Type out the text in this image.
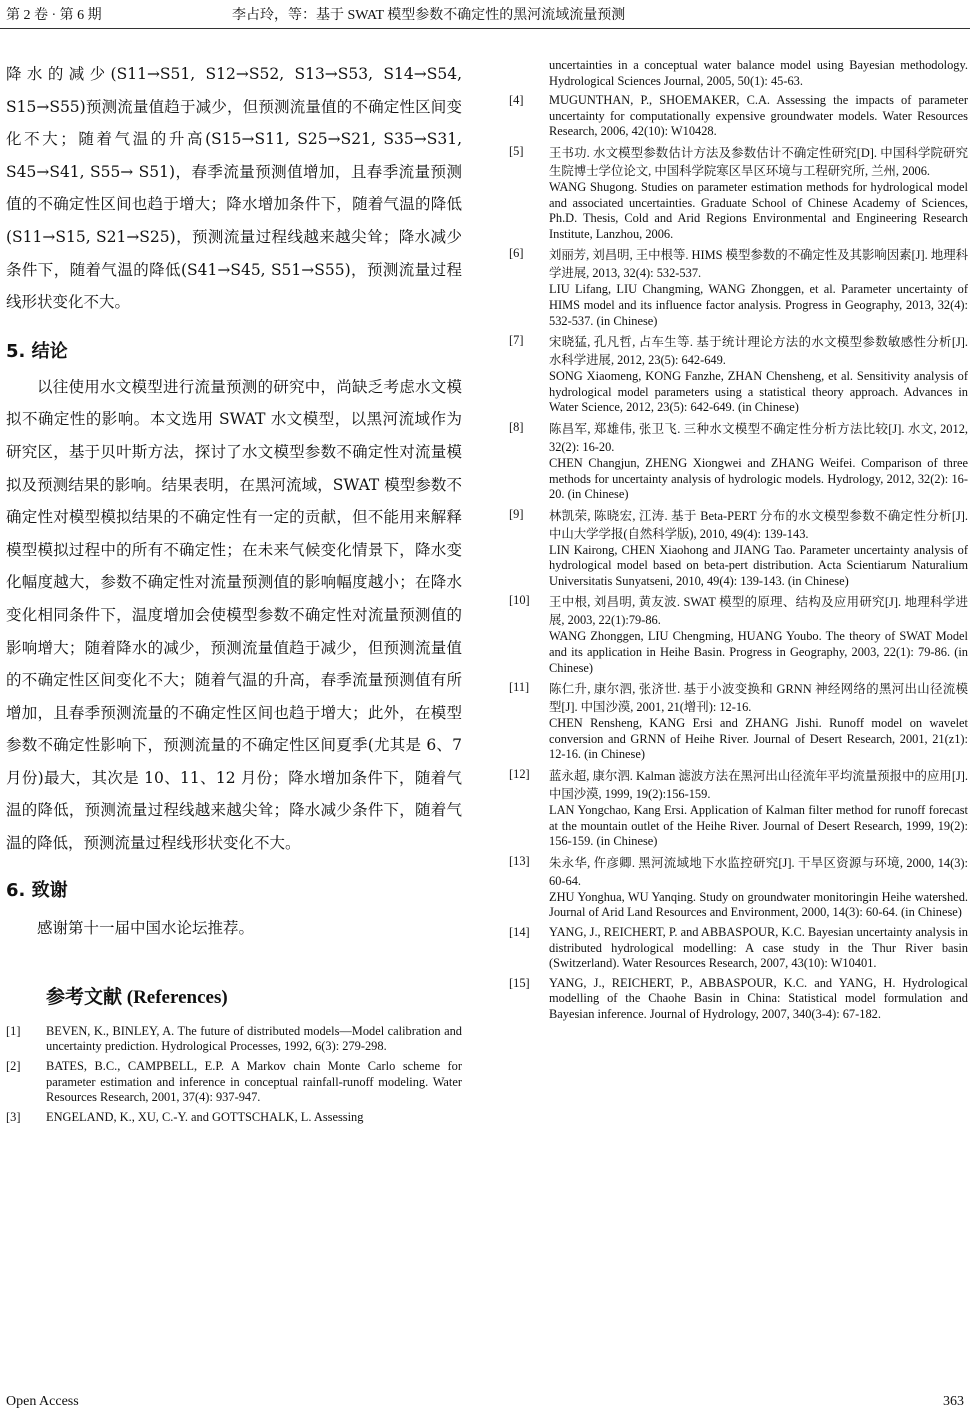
第 2 卷 · 第 6 期	李占玲，等：基于 SWAT 模型参数不确定性的黑河流域流量预测

降水的减少(S11→S51, S12→S52, S13→S53, S14→S54, S15→S55)预测流量值趋于减少，但预测流量值的不确定性区间变化不大；随着气温的升高(S15→S11, S25→S21, S35→S31, S45→S41, S55→ S51)，春季流量预测值增加，且春季流量预测值的不确定性区间也趋于增大；降水增加条件下，随着气温的降低(S11→S15, S21→S25)，预测流量过程线越来越尖耸；降水减少条件下，随着气温的降低(S41→S45, S51→S55)，预测流量过程线形状变化不大。

5. 结论

以往使用水文模型进行流量预测的研究中，尚缺乏考虑水文模拟不确定性的影响。本文选用 SWAT 水文模型，以黑河流域作为研究区，基于贝叶斯方法，探讨了水文模型参数不确定性对流量模拟及预测结果的影响。结果表明，在黑河流域，SWAT 模型参数不确定性对模型模拟结果的不确定性有一定的贡献，但不能用来解释模型模拟过程中的所有不确定性；在未来气候变化情景下，降水变化幅度越大，参数不确定性对流量预测值的影响幅度越小；在降水变化相同条件下，温度增加会使模型参数不确定性对流量预测值的影响增大；随着降水的减少，预测流量值趋于减少，但预测流量值的不确定性区间变化不大；随着气温的升高，春季流量预测值有所增加，且春季预测流量的不确定性区间也趋于增大；此外，在模型参数不确定性影响下，预测流量的不确定性区间夏季(尤其是 6、7 月份)最大，其次是 10、11、12 月份；降水增加条件下，随着气温的降低，预测流量过程线越来越尖耸；降水减少条件下，随着气温的降低，预测流量过程线形状变化不大。

6. 致谢

感谢第十一届中国水论坛推荐。

参考文献 (References)
[1] BEVEN, K., BINLEY, A. The future of distributed models—Model calibration and uncertainty prediction. Hydrological Processes, 1992, 6(3): 279-298.

[2] BATES, B.C., CAMPBELL, E.P. A Markov chain Monte Carlo scheme for parameter estimation and inference in conceptual rainfall-runoff modeling. Water Resources Research, 2001, 37(4): 937-947.

[3] ENGELAND, K., XU, C.-Y. and GOTTSCHALK, L. Assessing

uncertainties in a conceptual water balance model using Bayesian methodology. Hydrological Sciences Journal, 2005, 50(1): 45-63.

[4] MUGUNTHAN, P., SHOEMAKER, C.A. Assessing the impacts of parameter uncertainty for computationally expensive groundwater models. Water Resources Research, 2006, 42(10): W10428.

[5] 王书功. 水文模型参数估计方法及参数估计不确定性研究[D]. 中国科学院研究生院博士学位论文, 中国科学院寒区旱区环境与工程研究所, 兰州, 2006.

WANG Shugong. Studies on parameter estimation methods for hydrological model and associated uncertainties. Graduate School of Chinese Academy of Sciences, Ph.D. Thesis, Cold and Arid Regions Environmental and Engineering Research Institute, Lanzhou, 2006.

[6] 刘丽芳, 刘昌明, 王中根等. HIMS 模型参数的不确定性及其影响因素[J]. 地理科学进展, 2013, 32(4): 532-537.

LIU Lifang, LIU Changming, WANG Zhonggen, et al. Parameter uncertainty of HIMS model and its influence factor analysis. Progress in Geography, 2013, 32(4): 532-537. (in Chinese)

[7] 宋晓猛, 孔凡哲, 占车生等. 基于统计理论方法的水文模型参数敏感性分析[J]. 水科学进展, 2012, 23(5): 642-649.

SONG Xiaomeng, KONG Fanzhe, ZHAN Chensheng, et al. Sensitivity analysis of hydrological model parameters using a statistical theory approach. Advances in Water Science, 2012, 23(5): 642-649. (in Chinese)

[8] 陈昌军, 郑雄伟, 张卫飞. 三种水文模型不确定性分析方法比较[J]. 水文, 2012, 32(2): 16-20.

CHEN Changjun, ZHENG Xiongwei and ZHANG Weifei. Comparison of three methods for uncertainty analysis of hydrologic models. Hydrology, 2012, 32(2): 16-20. (in Chinese)

[9] 林凯荣, 陈晓宏, 江涛. 基于 Beta-PERT 分布的水文模型参数不确定性分析[J]. 中山大学学报(自然科学版), 2010, 49(4): 139-143.

LIN Kairong, CHEN Xiaohong and JIANG Tao. Parameter uncertainty analysis of hydrological model based on beta-pert distribution. Acta Scientiarum Naturalium Universitatis Sunyatseni, 2010, 49(4): 139-143. (in Chinese)

[10] 王中根, 刘昌明, 黄友波. SWAT 模型的原理、结构及应用研究[J]. 地理科学进展, 2003, 22(1):79-86.

WANG Zhonggen, LIU Chengming, HUANG Youbo. The theory of SWAT Model and its application in Heihe Basin. Progress in Geography, 2003, 22(1): 79-86. (in Chinese)

[11] 陈仁升, 康尔泗, 张济世. 基于小波变换和 GRNN 神经网络的黑河出山径流模型[J]. 中国沙漠, 2001, 21(增刊): 12-16.

CHEN Rensheng, KANG Ersi and ZHANG Jishi. Runoff model on wavelet conversion and GRNN of Heihe River. Journal of Desert Research, 2001, 21(z1): 12-16. (in Chinese)

[12] 蓝永超, 康尔泗. Kalman 滤波方法在黑河出山径流年平均流量预报中的应用[J]. 中国沙漠, 1999, 19(2):156-159.

LAN Yongchao, Kang Ersi. Application of Kalman filter method for runoff forecast at the mountain outlet of the Heihe River. Journal of Desert Research, 1999, 19(2): 156-159. (in Chinese)

[13] 朱永华, 仵彦卿. 黑河流域地下水监控研究[J]. 干旱区资源与环境, 2000, 14(3): 60-64.

ZHU Yonghua, WU Yanqing. Study on groundwater monitoringin Heihe watershed. Journal of Arid Land Resources and Environment, 2000, 14(3): 60-64. (in Chinese)

[14] YANG, J., REICHERT, P. and ABBASPOUR, K.C. Bayesian uncertainty analysis in distributed hydrological modelling: A case study in the Thur River basin (Switzerland). Water Resources Research, 2007, 43(10): W10401.

[15] YANG, J., REICHERT, P., ABBASPOUR, K.C. and YANG, H. Hydrological modelling of the Chaohe Basin in China: Statistical model formulation and Bayesian inference. Journal of Hydrology, 2007, 340(3-4): 67-182.

Open Access	363
